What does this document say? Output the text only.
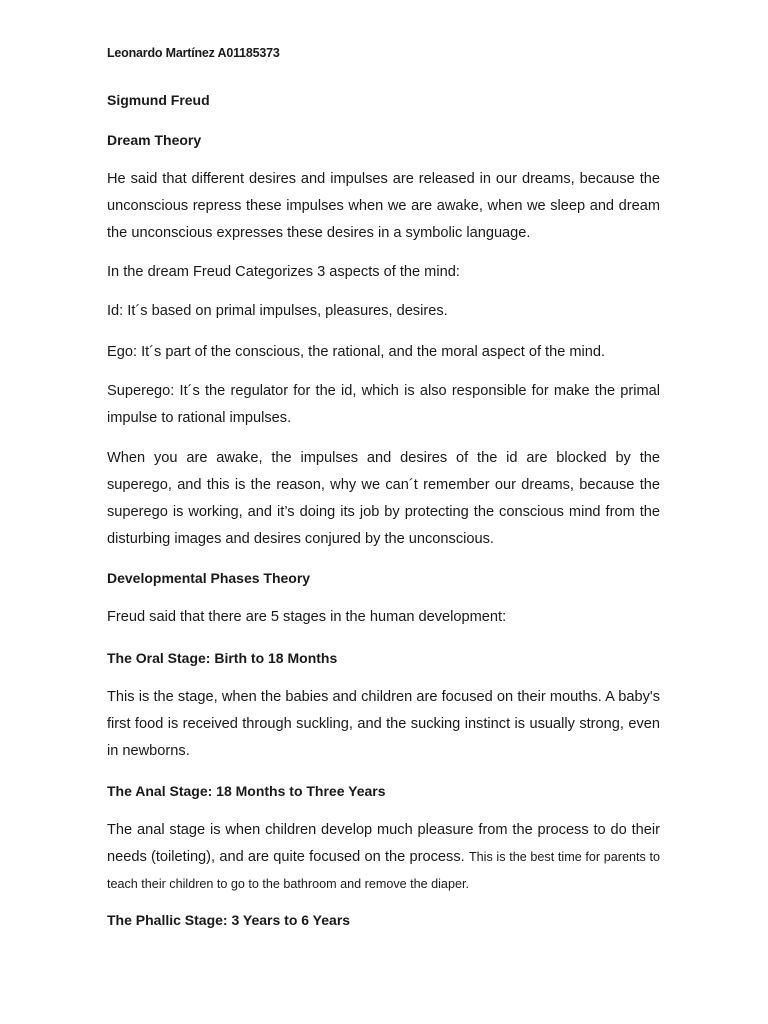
Leonardo Martínez A01185373
Sigmund Freud
Dream Theory
He said that different desires and impulses are released in our dreams, because the unconscious repress these impulses when we are awake, when we sleep and dream the unconscious expresses these desires in a symbolic language.
In the dream Freud Categorizes 3 aspects of the mind:
Id: It´s based on primal impulses, pleasures, desires.
Ego: It´s part of the conscious, the rational, and the moral aspect of the mind.
Superego: It´s the regulator for the id, which is also responsible for make the primal impulse to rational impulses.
When you are awake, the impulses and desires of the id are blocked by the superego, and this is the reason, why we can´t remember our dreams, because the superego is working, and it’s doing its job by protecting the conscious mind from the disturbing images and desires conjured by the unconscious.
Developmental Phases Theory
Freud said that there are 5 stages in the human development:
The Oral Stage: Birth to 18 Months
This is the stage, when the babies and children are focused on their mouths. A baby's first food is received through suckling, and the sucking instinct is usually strong, even in newborns.
The Anal Stage: 18 Months to Three Years
The anal stage is when children develop much pleasure from the process to do their needs (toileting), and are quite focused on the process. This is the best time for parents to teach their children to go to the bathroom and remove the diaper.
The Phallic Stage: 3 Years to 6 Years
